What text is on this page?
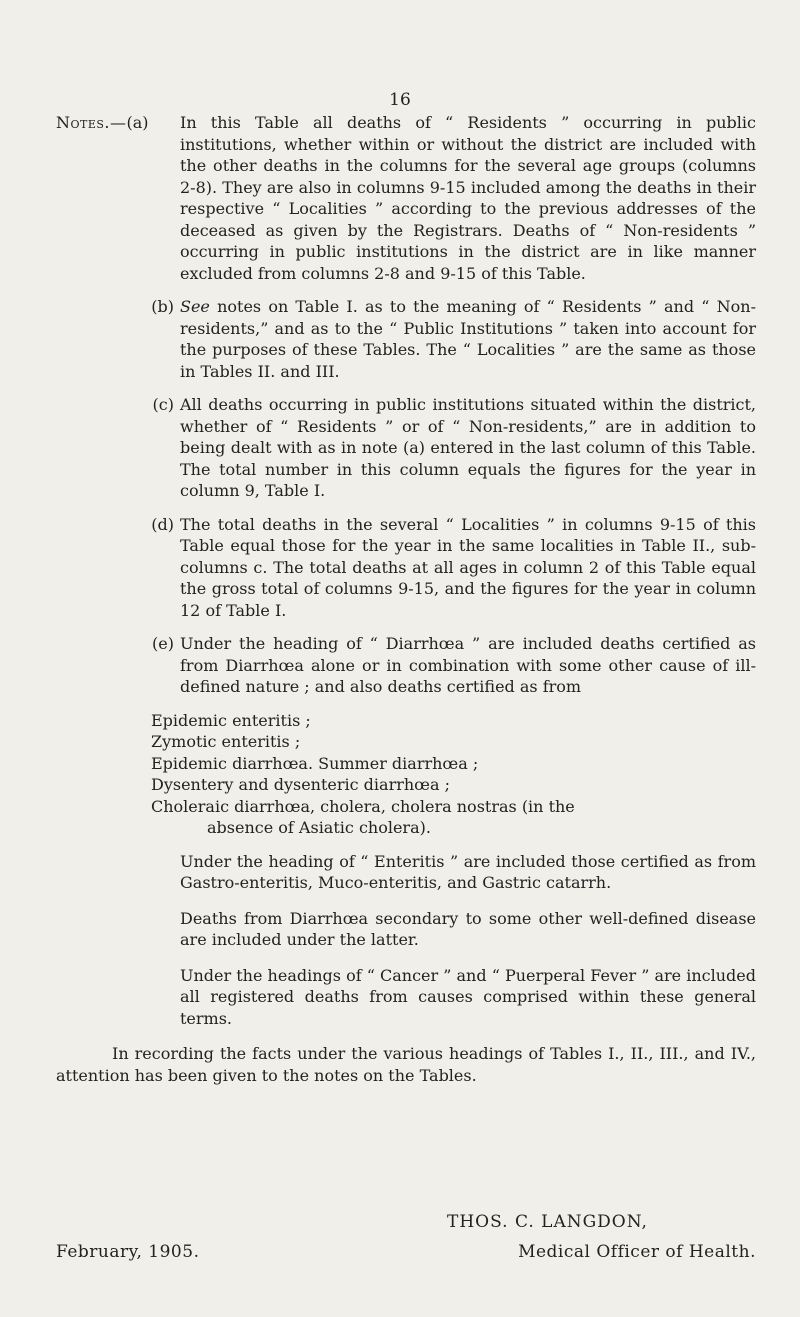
16
Notes.—(a)	In this Table all deaths of “ Residents ” occurring in public institutions, whether within or without the district are included with the other deaths in the columns for the several age groups (columns 2-8). They are also in columns 9-15 included among the deaths in their respective “ Localities ” according to the previous addresses of the deceased as given by the Registrars. Deaths of “ Non-residents ” occurring in public institutions in the district are in like manner excluded from columns 2-8 and 9-15 of this Table.
(b) See notes on Table I. as to the meaning of “ Residents ” and “ Non-residents,” and as to the “ Public Institutions ” taken into account for the purposes of these Tables. The “ Localities ” are the same as those in Tables II. and III.
(c) All deaths occurring in public institutions situated within the district, whether of “ Residents ” or of “ Non-residents,” are in addition to being dealt with as in note (a) entered in the last column of this Table. The total number in this column equals the figures for the year in column 9, Table I.
(d) The total deaths in the several “ Localities ” in columns 9-15 of this Table equal those for the year in the same localities in Table II., sub-columns c. The total deaths at all ages in column 2 of this Table equal the gross total of columns 9-15, and the figures for the year in column 12 of Table I.
(e) Under the heading of “ Diarrhœa ” are included deaths certified as from Diarrhœa alone or in combination with some other cause of ill-defined nature ; and also deaths certified as from
Epidemic enteritis ;
Zymotic enteritis ;
Epidemic diarrhœa. Summer diarrhœa ;
Dysentery and dysenteric diarrhœa ;
Choleraic diarrhœa, cholera, cholera nostras (in the
absence of Asiatic cholera).

Under the heading of “ Enteritis ” are included those certified as from Gastro-enteritis, Muco-enteritis, and Gastric catarrh.

Deaths from Diarrhœa secondary to some other well-defined disease are included under the latter.

Under the headings of “ Cancer ” and “ Puerperal Fever ” are included all registered deaths from causes comprised within these general terms.

In recording the facts under the various headings of Tables I., II., III., and IV., attention has been given to the notes on the Tables.

THOS. C. LANGDON,
February, 1905.	Medical Officer of Health.
